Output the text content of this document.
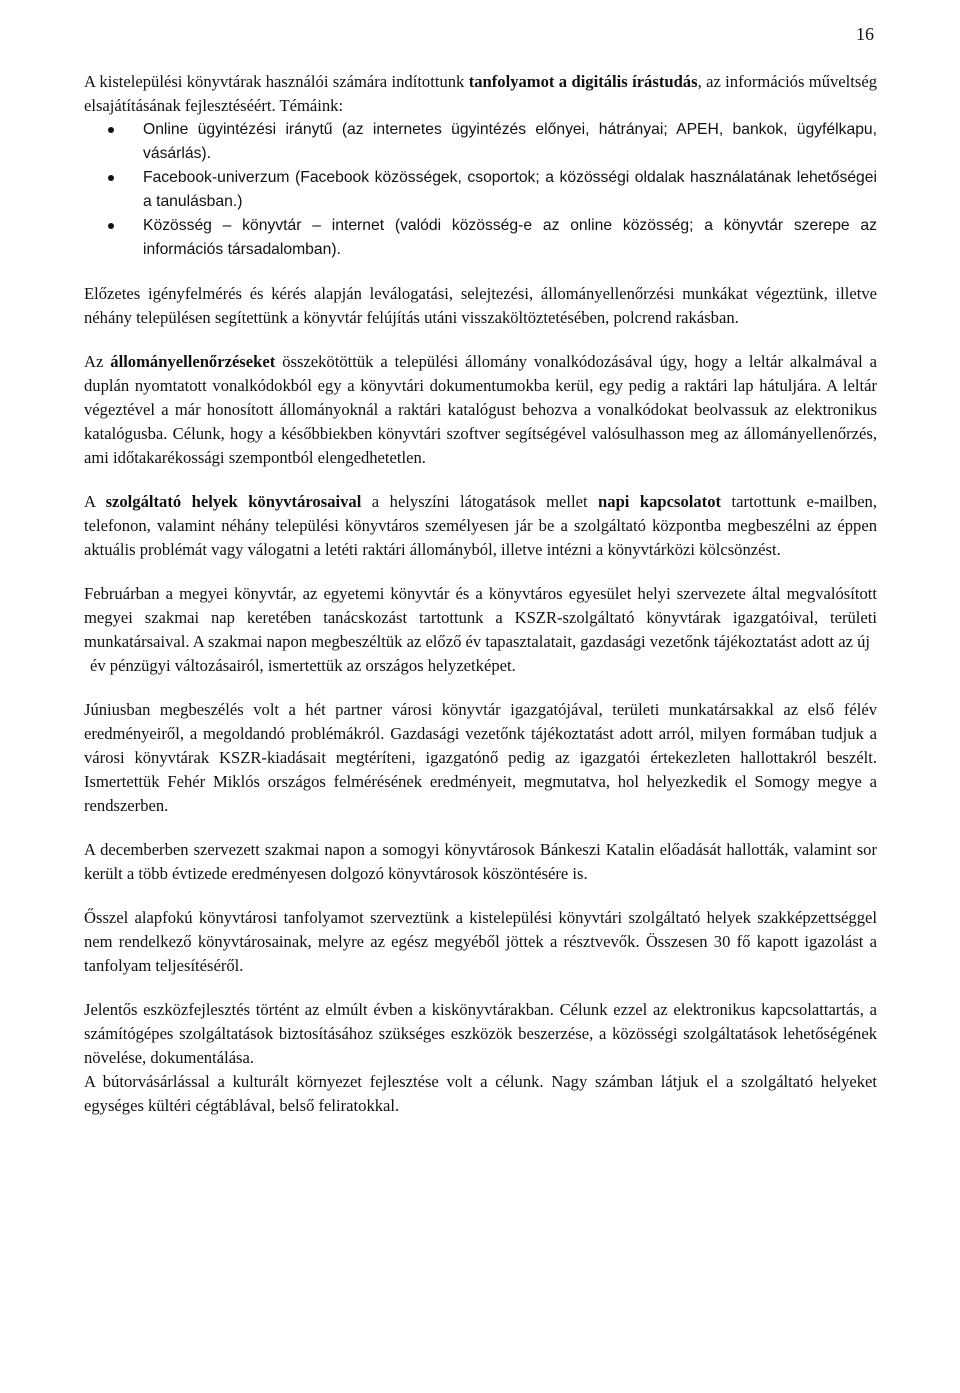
16

A kistelepülési könyvtárak használói számára indítottunk tanfolyamot a digitális írástudás, az információs műveltség elsajátításának fejlesztéséért. Témáink:

Online ügyintézési iránytű (az internetes ügyintézés előnyei, hátrányai; APEH, bankok, ügyfélkapu, vásárlás).
Facebook-univerzum (Facebook közösségek, csoportok; a közösségi oldalak használatának lehetőségei a tanulásban.)
Közösség – könyvtár – internet (valódi közösség-e az online közösség; a könyvtár szerepe az információs társadalomban).

Előzetes igényfelmérés és kérés alapján leválogatási, selejtezési, állományellenőrzési munkákat végeztünk, illetve néhány településen segítettünk a könyvtár felújítás utáni visszaköltöztetésében, polcrend rakásban.

Az állományellenőrzéseket összekötöttük a települési állomány vonalkódozásával úgy, hogy a leltár alkalmával a duplán nyomtatott vonalkódokból egy a könyvtári dokumentumokba kerül, egy pedig a raktári lap hátuljára. A leltár végeztével a már honosított állományoknál a raktári katalógust behozva a vonalkódokat beolvassuk az elektronikus katalógusba. Célunk, hogy a későbbiekben könyvtári szoftver segítségével valósulhasson meg az állományellenőrzés, ami időtakarékossági szempontból elengedhetetlen.

A szolgáltató helyek könyvtárosaival a helyszíni látogatások mellet napi kapcsolatot tartottunk e-mailben, telefonon, valamint néhány települési könyvtáros személyesen jár be a szolgáltató központba megbeszélni az éppen aktuális problémát vagy válogatni a letéti raktári állományból, illetve intézni a könyvtárközi kölcsönzést.

Februárban a megyei könyvtár, az egyetemi könyvtár és a könyvtáros egyesület helyi szervezete által megvalósított megyei szakmai nap keretében tanácskozást tartottunk a KSZR-szolgáltató könyvtárak igazgatóival, területi munkatársaival. A szakmai napon megbeszéltük az előző év tapasztalatait, gazdasági vezetőnk tájékoztatást adott az új

év pénzügyi változásairól, ismertettük az országos helyzetképet.

Júniusban megbeszélés volt a hét partner városi könyvtár igazgatójával, területi munkatársakkal az első félév eredményeiről, a megoldandó problémákról. Gazdasági vezetőnk tájékoztatást adott arról, milyen formában tudjuk a városi könyvtárak KSZR-kiadásait megtéríteni, igazgatónő pedig az igazgatói értekezleten hallottakról beszélt. Ismertettük Fehér Miklós országos felmérésének eredményeit, megmutatva, hol helyezkedik el Somogy megye a rendszerben.

A decemberben szervezett szakmai napon a somogyi könyvtárosok Bánkeszi Katalin előadását hallották, valamint sor került a több évtizede eredményesen dolgozó könyvtárosok köszöntésére is.

Ősszel alapfokú könyvtárosi tanfolyamot szerveztünk a kistelepülési könyvtári szolgáltató helyek szakképzettséggel nem rendelkező könyvtárosainak, melyre az egész megyéből jöttek a résztvevők. Összesen 30 fő kapott igazolást a tanfolyam teljesítéséről.

Jelentős eszközfejlesztés történt az elmúlt évben a kiskönyvtárakban. Célunk ezzel az elektronikus kapcsolattartás, a számítógépes szolgáltatások biztosításához szükséges eszközök beszerzése, a közösségi szolgáltatások lehetőségének növelése, dokumentálása.

A bútorvásárlással a kulturált környezet fejlesztése volt a célunk. Nagy számban látjuk el a szolgáltató helyeket egységes kültéri cégtáblával, belső feliratokkal.
